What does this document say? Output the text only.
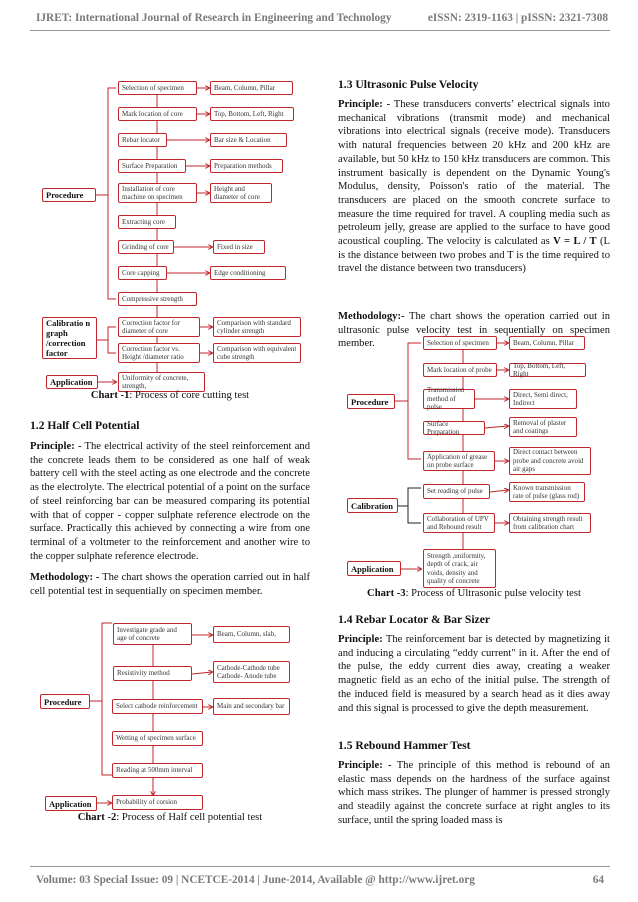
IJRET: International Journal of Research in Engineering and Technology	eISSN: 2319-1163 | pISSN: 2321-7308
Procedure
Calibratio n graph /correction factor
Application
Selection of specimen
Mark location of core
Rebar locator
Surface Preparation
Installation of core machine on specimen
Extracting core
Grinding of core
Core capping
Compressive strength
Correction factor for diameter of core
Correction factor vs. Height /diameter ratio
Uniformity of concrete, strength,
Beam, Column, Pillar
Top, Bottom, Left, Right
Bar size & Location
Preparation methods
Height and diameter of core
Fixed in size
Edge conditioning
Comparison with standard cylinder strength
Comparison with equivalent cube strength
Chart -1: Process of core cutting test
1.2 Half Cell Potential
Principle: - The electrical activity of the steel reinforcement and the concrete leads them to be considered as one half of weak battery cell with the steel acting as one electrode and the concrete as the electrolyte. The electrical potential of a point on the surface of steel reinforcing bar can be measured comparing its potential with that of copper - copper sulphate reference electrode on the surface. Practically this achieved by connecting a wire from one terminal of a voltmeter to the reinforcement and another wire to the copper sulphate reference electrode.
Methodology: - The chart shows the operation carried out in half cell potential test in sequentially on specimen member.
Procedure
Application
Investigate grade and age of concrete
Resistivity method
Select cathode reinforcement
Wetting of specimen surface
Reading at 500mm interval
Probability of corsion
Beam, Column, slab,
Cathode-Cathode tube Cathode- Anode tube
Main and secondary bar
Chart -2: Process of Half cell potential test
1.3 Ultrasonic Pulse Velocity
Principle: - These transducers converts’ electrical signals into mechanical vibrations (transmit mode) and mechanical vibrations into electrical signals (receive mode). Transducers with natural frequencies between 20 kHz and 200 kHz are available, but 50 kHz to 150 kHz transducers are common. This instrument basically is dependent on the Dynamic Young's Modulus, density, Poisson's ratio of the material. The transducers are placed on the smooth concrete surface to measure the time required for travel. A coupling media such as petroleum jelly, grease are applied to the surface to have good acoustical coupling. The velocity is calculated as V = L / T (L is the distance between two probes and T is the time required to travel the distance between two transducers)
Methodology:- The chart shows the operation carried out in ultrasonic pulse velocity test in sequentially on specimen member.
Procedure
Calibration
Application
Selection of specimen
Mark location of probe
Transmission method of pulse
Surface Preparation
Application of grease on probe surface
Set reading of pulse
Collaboration of UPV and Rebound result
Strength ,uniformity, depth of crack, air voids, density and quality of concrete
Beam, Column, Pillar
Top, Bottom, Left, Right
Direct, Semi direct, Indirect
Removal of plaster and coatings
Direct contact between probe and concrete avoid air gaps
Known transmission rate of pulse (glass rod)
Obtaining strength result from calibration chart
Chart -3: Process of Ultrasonic pulse velocity test
1.4 Rebar Locator & Bar Sizer
Principle: The reinforcement bar is detected by magnetizing it and inducing a circulating “eddy current" in it. After the end of the pulse, the eddy current dies away, creating a weaker magnetic field as an echo of the initial pulse. The strength of the induced field is measured by a search head as it dies away and this signal is processed to give the depth measurement.
1.5 Rebound Hammer Test
Principle: - The principle of this method is rebound of an elastic mass depends on the hardness of the surface against which mass strikes. The plunger of hammer is pressed strongly and steadily against the concrete surface at right angles to its surface, until the spring loaded mass is
Volume: 03 Special Issue: 09 | NCETCE-2014 | June-2014, Available @ http://www.ijret.org	64
